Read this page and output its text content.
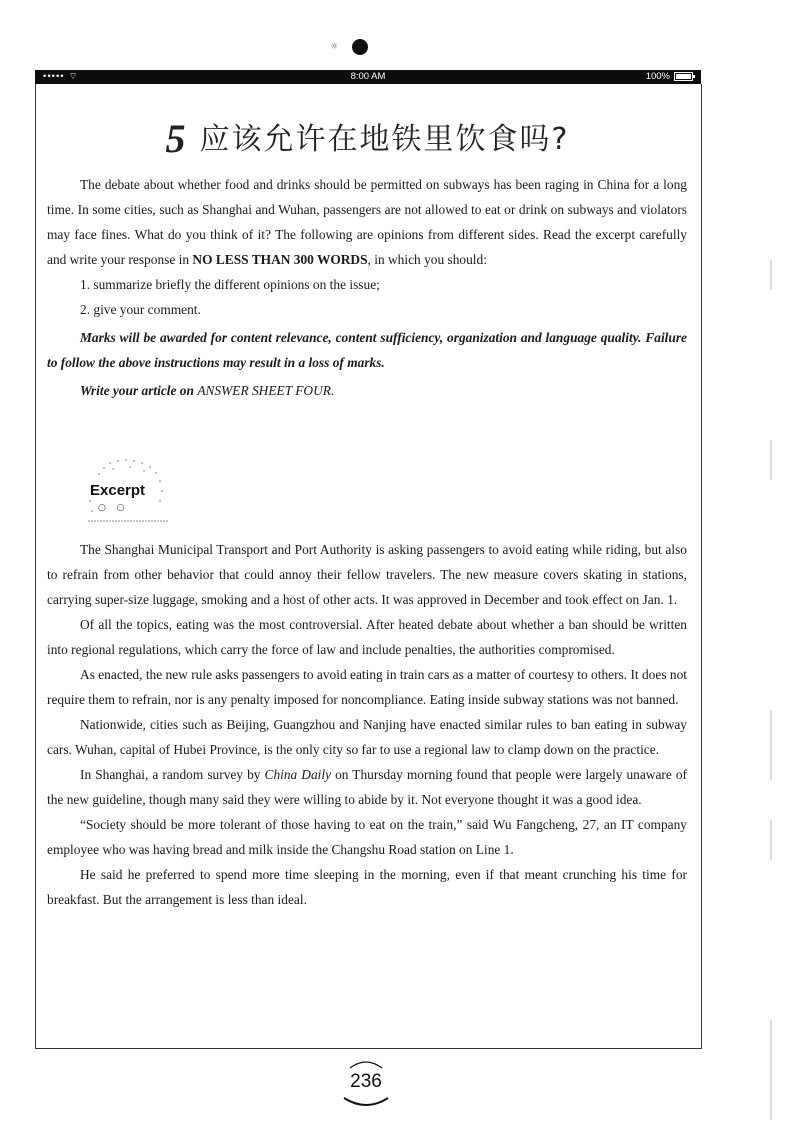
☼
••••• ⌔	8:00 AM	100%
5 应该允许在地铁里饮食吗?

The debate about whether food and drinks should be permitted on subways has been raging in China for a long time. In some cities, such as Shanghai and Wuhan, passengers are not allowed to eat or drink on subways and violators may face fines. What do you think of it? The following are opinions from different sides. Read the excerpt carefully and write your response in NO LESS THAN 300 WORDS, in which you should:

1. summarize briefly the different opinions on the issue;

2. give your comment.

Marks will be awarded for content relevance, content sufficiency, organization and language quality. Failure to follow the above instructions may result in a loss of marks.

Write your article on ANSWER SHEET FOUR.

Excerpt
○ ○

The Shanghai Municipal Transport and Port Authority is asking passengers to avoid eating while riding, but also to refrain from other behavior that could annoy their fellow travelers. The new measure covers skating in stations, carrying super-size luggage, smoking and a host of other acts. It was approved in December and took effect on Jan. 1.

Of all the topics, eating was the most controversial. After heated debate about whether a ban should be written into regional regulations, which carry the force of law and include penalties, the authorities compromised.

As enacted, the new rule asks passengers to avoid eating in train cars as a matter of courtesy to others. It does not require them to refrain, nor is any penalty imposed for noncompliance. Eating inside subway stations was not banned.

Nationwide, cities such as Beijing, Guangzhou and Nanjing have enacted similar rules to ban eating in subway cars. Wuhan, capital of Hubei Province, is the only city so far to use a regional law to clamp down on the practice.

In Shanghai, a random survey by China Daily on Thursday morning found that people were largely unaware of the new guideline, though many said they were willing to abide by it. Not everyone thought it was a good idea.

“Society should be more tolerant of those having to eat on the train,” said Wu Fangcheng, 27, an IT company employee who was having bread and milk inside the Changshu Road station on Line 1.

He said he preferred to spend more time sleeping in the morning, even if that meant crunching his time for breakfast. But the arrangement is less than ideal.

236
